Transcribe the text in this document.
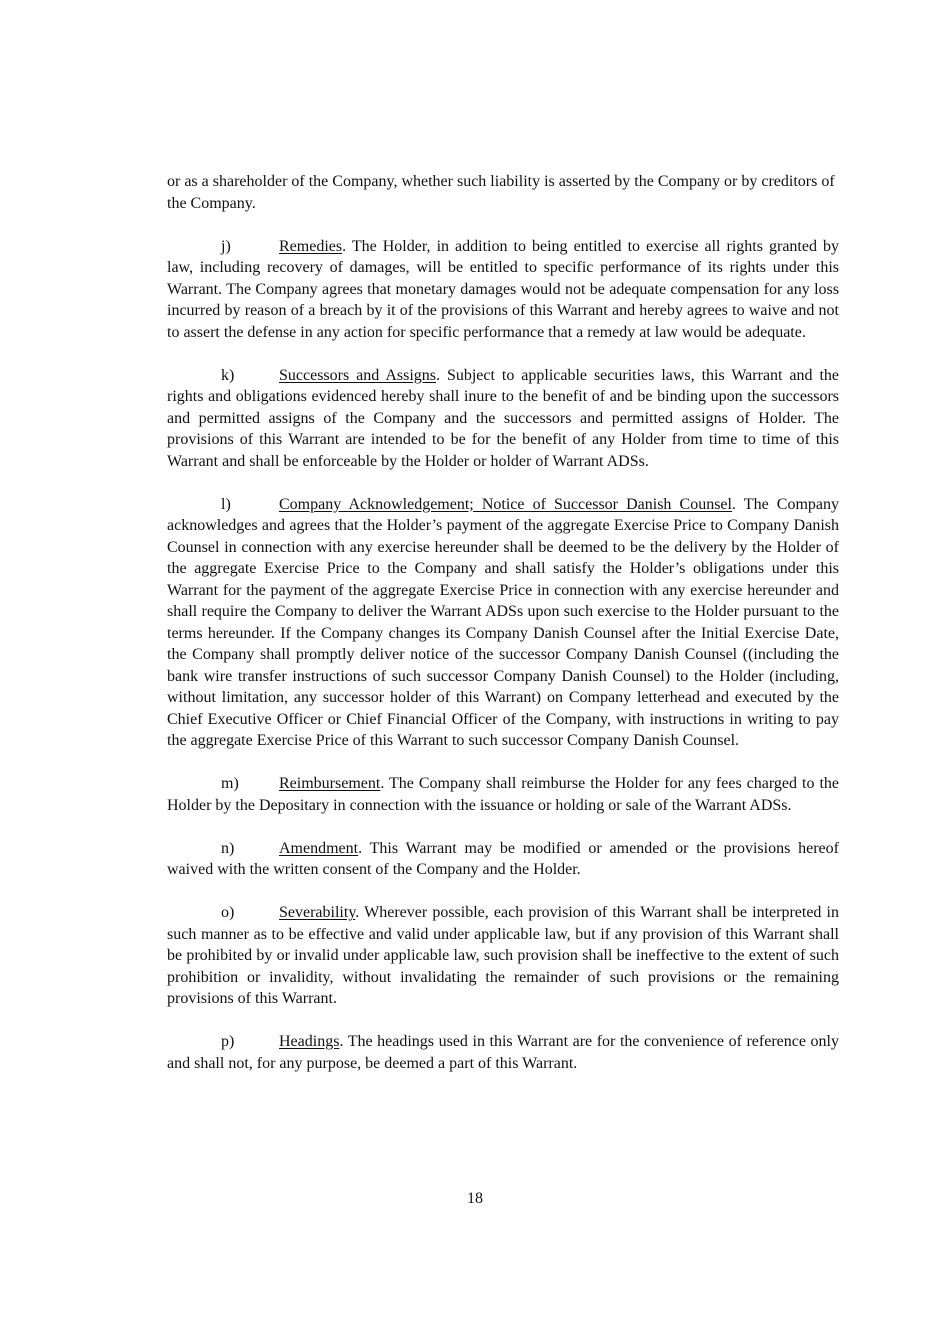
or as a shareholder of the Company, whether such liability is asserted by the Company or by creditors of the Company.

j)	Remedies. The Holder, in addition to being entitled to exercise all rights granted by law, including recovery of damages, will be entitled to specific performance of its rights under this Warrant. The Company agrees that monetary damages would not be adequate compensation for any loss incurred by reason of a breach by it of the provisions of this Warrant and hereby agrees to waive and not to assert the defense in any action for specific performance that a remedy at law would be adequate.

k)	Successors and Assigns. Subject to applicable securities laws, this Warrant and the rights and obligations evidenced hereby shall inure to the benefit of and be binding upon the successors and permitted assigns of the Company and the successors and permitted assigns of Holder. The provisions of this Warrant are intended to be for the benefit of any Holder from time to time of this Warrant and shall be enforceable by the Holder or holder of Warrant ADSs.

l)	Company Acknowledgement; Notice of Successor Danish Counsel. The Company acknowledges and agrees that the Holder’s payment of the aggregate Exercise Price to Company Danish Counsel in connection with any exercise hereunder shall be deemed to be the delivery by the Holder of the aggregate Exercise Price to the Company and shall satisfy the Holder’s obligations under this Warrant for the payment of the aggregate Exercise Price in connection with any exercise hereunder and shall require the Company to deliver the Warrant ADSs upon such exercise to the Holder pursuant to the terms hereunder. If the Company changes its Company Danish Counsel after the Initial Exercise Date, the Company shall promptly deliver notice of the successor Company Danish Counsel ((including the bank wire transfer instructions of such successor Company Danish Counsel) to the Holder (including, without limitation, any successor holder of this Warrant) on Company letterhead and executed by the Chief Executive Officer or Chief Financial Officer of the Company, with instructions in writing to pay the aggregate Exercise Price of this Warrant to such successor Company Danish Counsel.

m)	Reimbursement. The Company shall reimburse the Holder for any fees charged to the Holder by the Depositary in connection with the issuance or holding or sale of the Warrant ADSs.

n)	Amendment. This Warrant may be modified or amended or the provisions hereof waived with the written consent of the Company and the Holder.

o)	Severability. Wherever possible, each provision of this Warrant shall be interpreted in such manner as to be effective and valid under applicable law, but if any provision of this Warrant shall be prohibited by or invalid under applicable law, such provision shall be ineffective to the extent of such prohibition or invalidity, without invalidating the remainder of such provisions or the remaining provisions of this Warrant.

p)	Headings. The headings used in this Warrant are for the convenience of reference only and shall not, for any purpose, be deemed a part of this Warrant.

18
